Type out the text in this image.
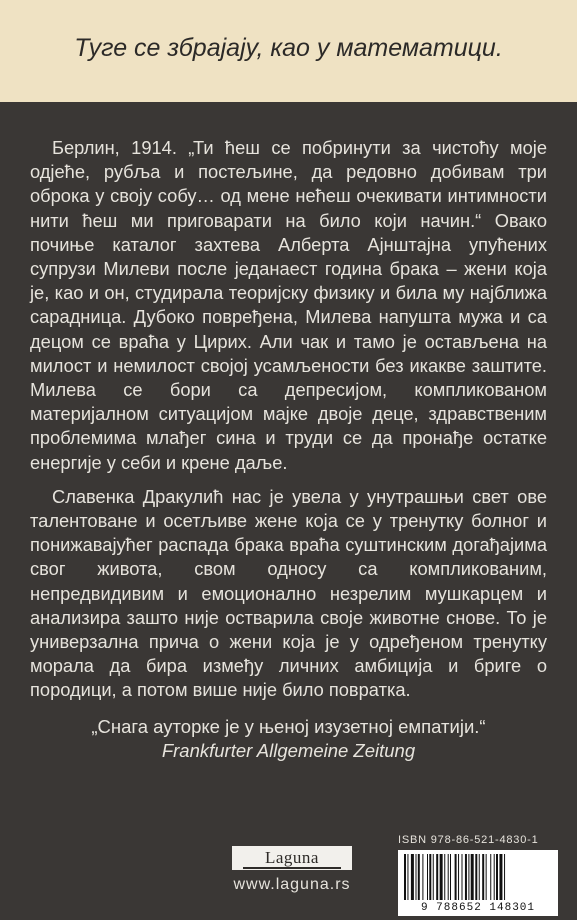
Туге се збрајају, као у математици.

Берлин, 1914. „Ти ћеш се побринути за чистоћу моје одјеће, рубља и постељине, да редовно добивам три оброка у своју собу… од мене нећеш очекивати интимности нити ћеш ми приговарати на било који начин.“ Овако почиње каталог захтева Алберта Ајнштајна упућених супрузи Милеви после једанаест година брака – жени која је, као и он, студирала теоријску физику и била му најближа сарадница. Дубоко повређена, Милева напушта мужа и са децом се враћа у Цирих. Али чак и тамо је остављена на милост и немилост својој усамљености без икакве заштите. Милева се бори са депресијом, компликованом материјалном ситуацијом мајке двоје деце, здравственим проблемима млађег сина и труди се да пронађе остатке енергије у себи и крене даље.

Славенка Дракулић нас је увела у унутрашњи свет ове талентоване и осетљиве жене која се у тренутку болног и понижавајућег распада брака враћа суштинским догађајима свог живота, свом односу са компликованим, непредвидивим и емоционално незрелим мушкарцем и анализира зашто није остварила своје животне снове. То је универзална прича о жени која је у одређеном тренутку морала да бира између личних амбиција и бриге о породици, а потом више није било повратка.

„Снага ауторке је у њеној изузетној емпатији.“
Frankfurter Allgemeine Zeitung
Laguna
www.laguna.rs
ISBN 978-86-521-4830-1
9 788652 148301
